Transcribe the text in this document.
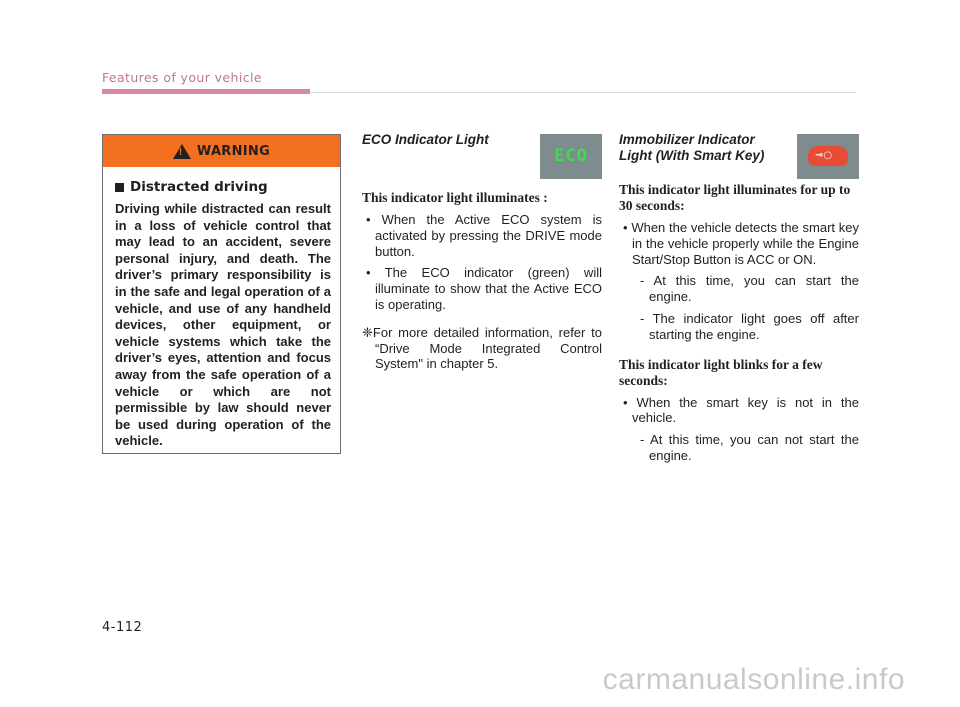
Features of your vehicle
!
WARNING
Distracted driving
Driving while distracted can result in a loss of vehicle control that may lead to an accident, severe personal injury, and death. The driver’s primary responsibility is in the safe and legal operation of a vehicle, and use of any handheld devices, other equipment, or vehicle systems which take the driver’s eyes, attention and focus away from the safe operation of a vehicle or which are not permissible by law should never be used during operation of the vehicle.
ECO Indicator Light
ECO
This indicator light illuminates :
• When the Active ECO system is activated by pressing the DRIVE mode button.
• The ECO indicator (green) will illuminate to show that the Active ECO is operating.
❈For more detailed information, refer to “Drive Mode Integrated Control System" in chapter 5.
Immobilizer Indicator
Light (With Smart Key)	⊸○
This indicator light illuminates for up to 30 seconds:
• When the vehicle detects the smart key in the vehicle properly while the Engine Start/Stop Button is ACC or ON.
- At this time, you can start the engine.
- The indicator light goes off after starting the engine.
This indicator light blinks for a few seconds:
• When the smart key is not in the vehicle.
- At this time, you can not start the engine.
4-112
carmanualsonline.info
